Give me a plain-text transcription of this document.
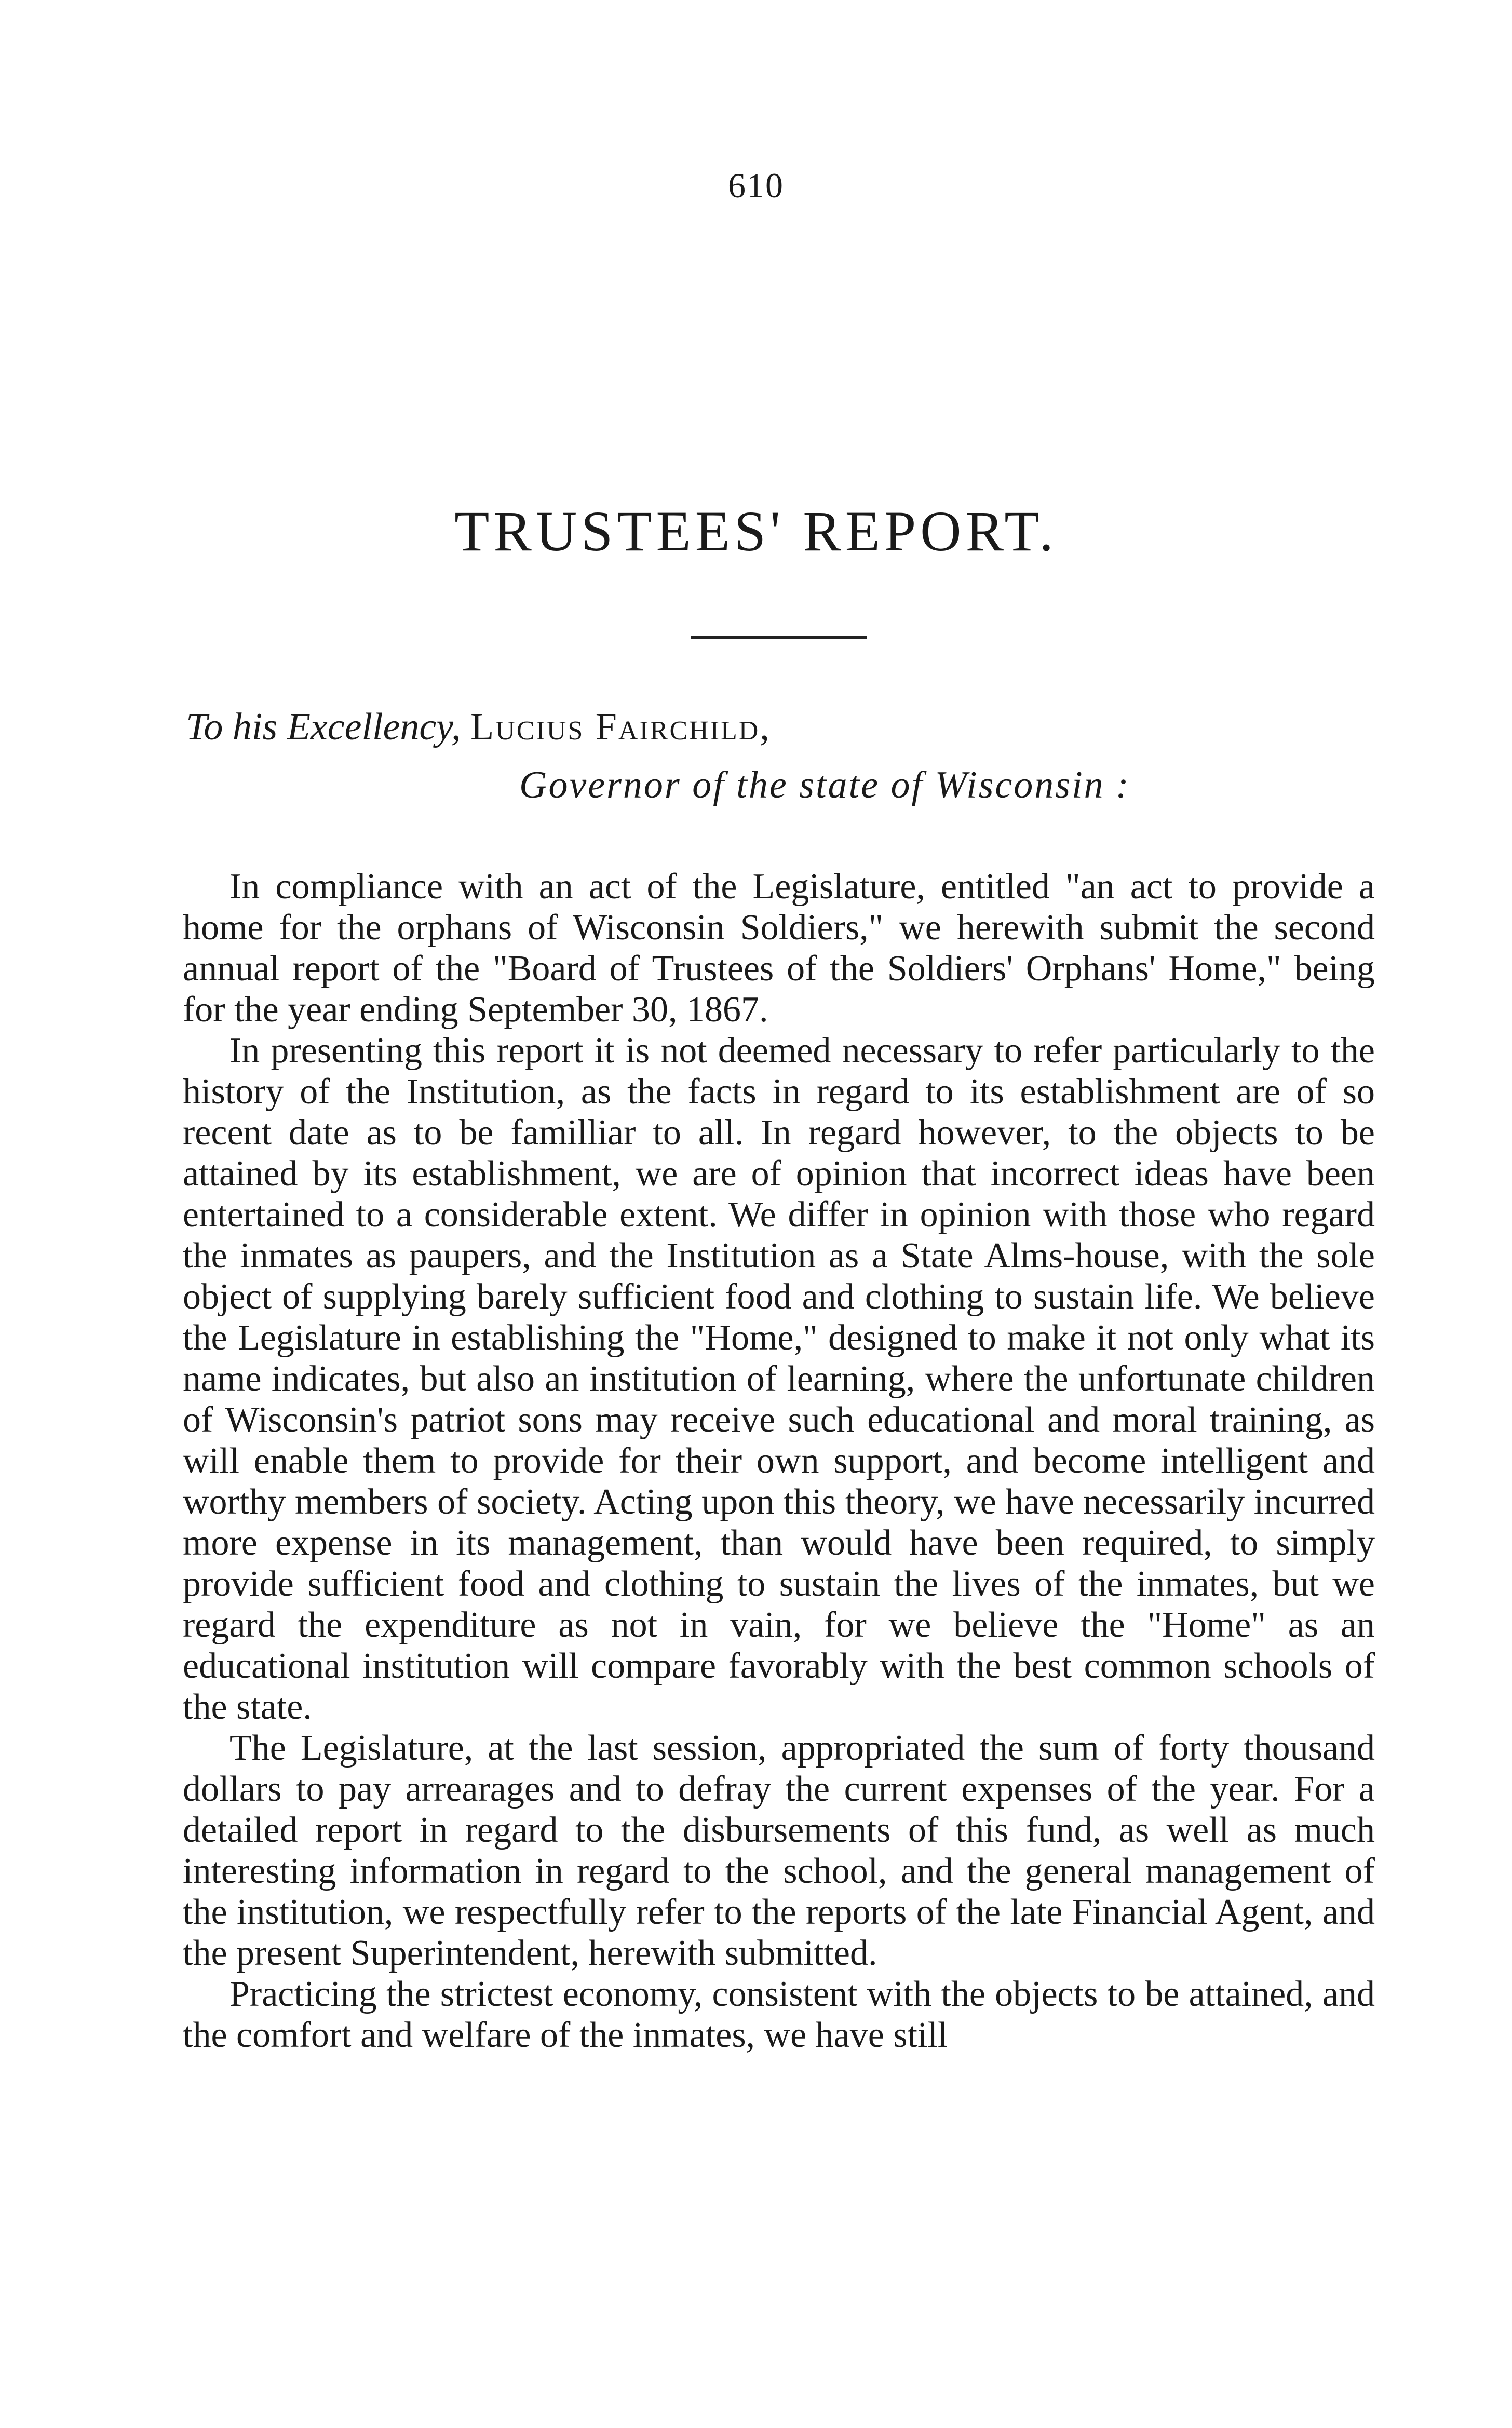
610
TRUSTEES' REPORT.
To his Excellency, Lucius Fairchild,
Governor of the state of Wisconsin :

In compliance with an act of the Legislature, entitled "an act to provide a home for the orphans of Wisconsin Soldiers," we herewith submit the second annual report of the "Board of Trustees of the Soldiers' Orphans' Home," being for the year ending September 30, 1867.

In presenting this report it is not deemed necessary to refer particularly to the history of the Institution, as the facts in regard to its establishment are of so recent date as to be familliar to all. In regard however, to the objects to be attained by its establishment, we are of opinion that incorrect ideas have been entertained to a considerable extent. We differ in opinion with those who regard the inmates as paupers, and the Institution as a State Alms-house, with the sole object of supplying barely sufficient food and clothing to sustain life. We believe the Legislature in establishing the "Home," designed to make it not only what its name indicates, but also an institution of learning, where the unfortunate children of Wisconsin's patriot sons may receive such educational and moral training, as will enable them to provide for their own support, and become intelligent and worthy members of society. Acting upon this theory, we have necessarily incurred more expense in its management, than would have been required, to simply provide sufficient food and clothing to sustain the lives of the inmates, but we regard the expenditure as not in vain, for we believe the "Home" as an educational institution will compare favorably with the best common schools of the state.

The Legislature, at the last session, appropriated the sum of forty thousand dollars to pay arrearages and to defray the current expenses of the year. For a detailed report in regard to the disbursements of this fund, as well as much interesting information in regard to the school, and the general management of the institution, we respectfully refer to the reports of the late Financial Agent, and the present Superintendent, herewith submitted.

Practicing the strictest economy, consistent with the objects to be attained, and the comfort and welfare of the inmates, we have still
